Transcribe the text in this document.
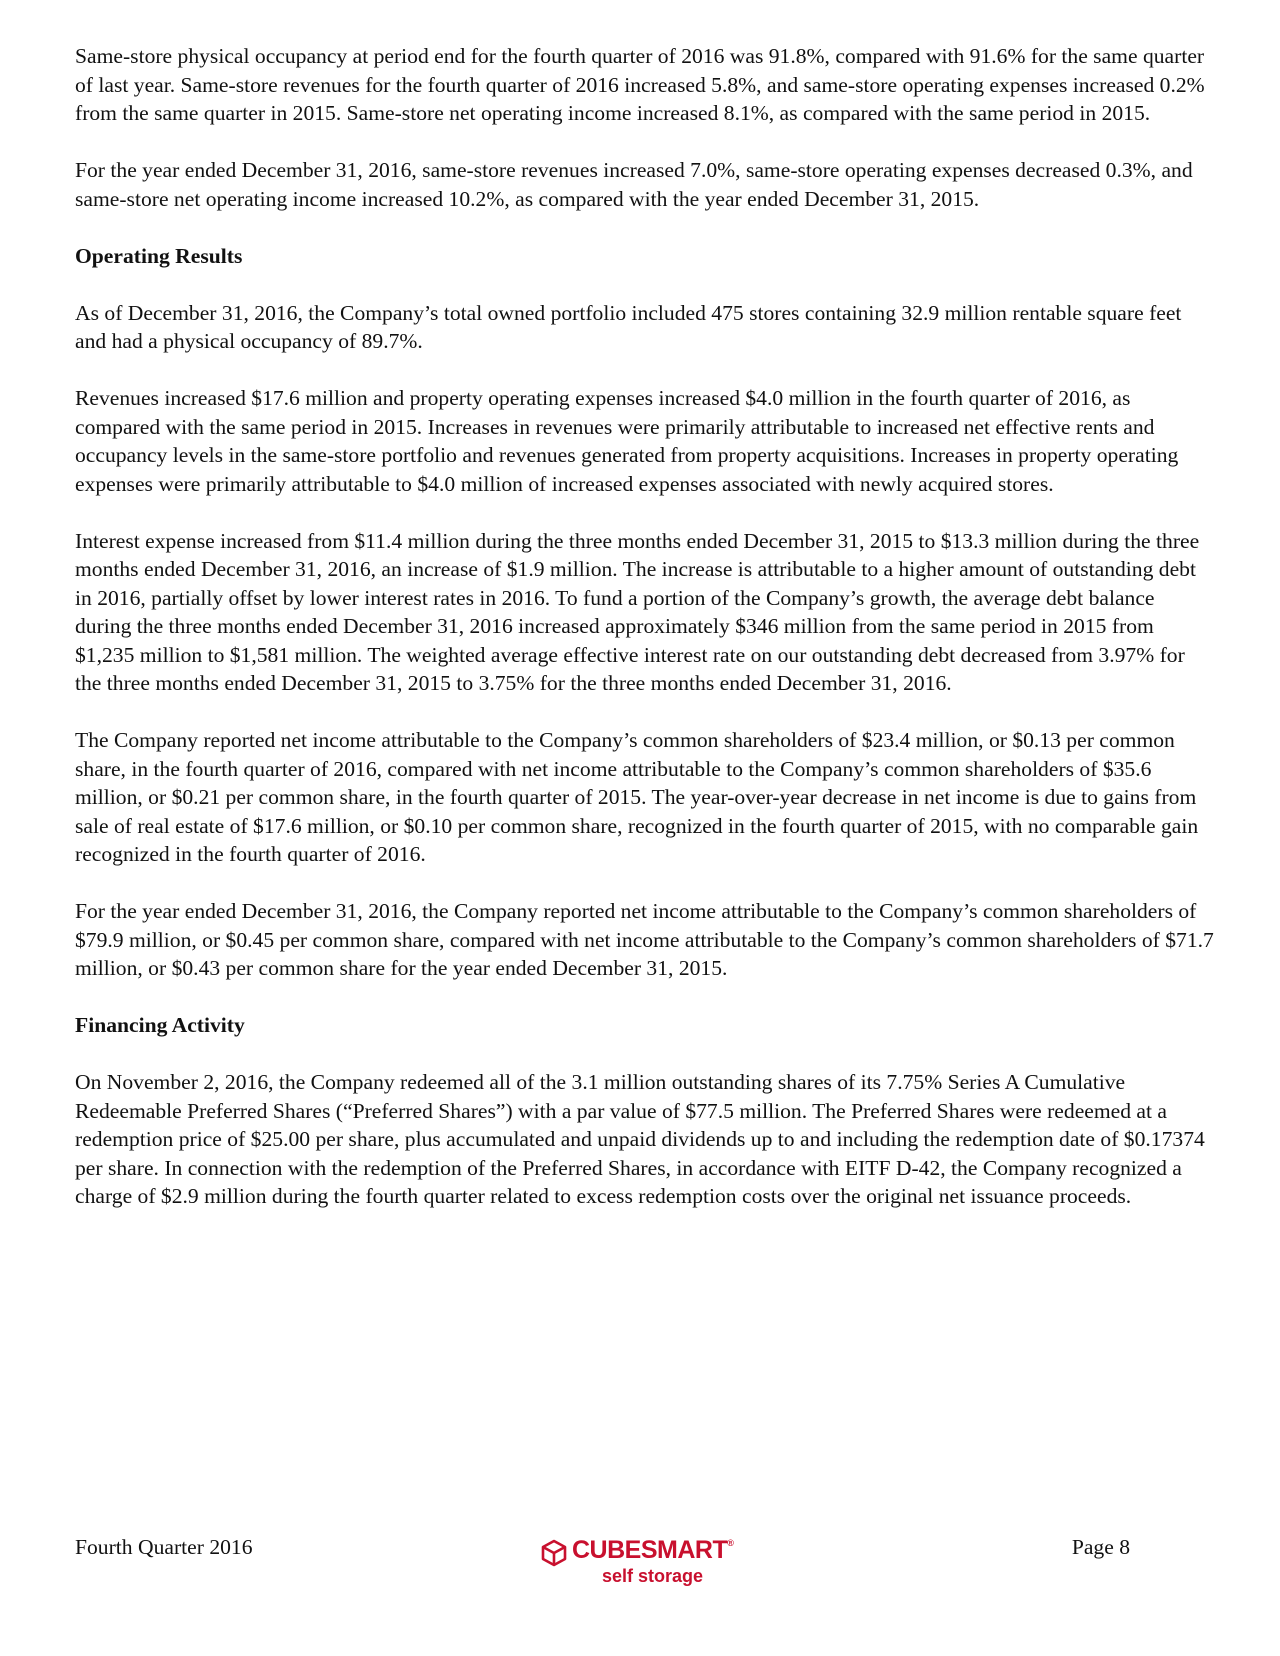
Same-store physical occupancy at period end for the fourth quarter of 2016 was 91.8%, compared with 91.6% for the same quarter of last year. Same-store revenues for the fourth quarter of 2016 increased 5.8%, and same-store operating expenses increased 0.2% from the same quarter in 2015. Same-store net operating income increased 8.1%, as compared with the same period in 2015.

For the year ended December 31, 2016, same-store revenues increased 7.0%, same-store operating expenses decreased 0.3%, and same-store net operating income increased 10.2%, as compared with the year ended December 31, 2015.

Operating Results

As of December 31, 2016, the Company’s total owned portfolio included 475 stores containing 32.9 million rentable square feet and had a physical occupancy of 89.7%.

Revenues increased $17.6 million and property operating expenses increased $4.0 million in the fourth quarter of 2016, as compared with the same period in 2015. Increases in revenues were primarily attributable to increased net effective rents and occupancy levels in the same-store portfolio and revenues generated from property acquisitions. Increases in property operating expenses were primarily attributable to $4.0 million of increased expenses associated with newly acquired stores.

Interest expense increased from $11.4 million during the three months ended December 31, 2015 to $13.3 million during the three months ended December 31, 2016, an increase of $1.9 million. The increase is attributable to a higher amount of outstanding debt in 2016, partially offset by lower interest rates in 2016. To fund a portion of the Company’s growth, the average debt balance during the three months ended December 31, 2016 increased approximately $346 million from the same period in 2015 from $1,235 million to $1,581 million. The weighted average effective interest rate on our outstanding debt decreased from 3.97% for the three months ended December 31, 2015 to 3.75% for the three months ended December 31, 2016.

The Company reported net income attributable to the Company’s common shareholders of $23.4 million, or $0.13 per common share, in the fourth quarter of 2016, compared with net income attributable to the Company’s common shareholders of $35.6 million, or $0.21 per common share, in the fourth quarter of 2015. The year-over-year decrease in net income is due to gains from sale of real estate of $17.6 million, or $0.10 per common share, recognized in the fourth quarter of 2015, with no comparable gain recognized in the fourth quarter of 2016.

For the year ended December 31, 2016, the Company reported net income attributable to the Company’s common shareholders of $79.9 million, or $0.45 per common share, compared with net income attributable to the Company’s common shareholders of $71.7 million, or $0.43 per common share for the year ended December 31, 2015.

Financing Activity

On November 2, 2016, the Company redeemed all of the 3.1 million outstanding shares of its 7.75% Series A Cumulative Redeemable Preferred Shares (“Preferred Shares”) with a par value of $77.5 million. The Preferred Shares were redeemed at a redemption price of $25.00 per share, plus accumulated and unpaid dividends up to and including the redemption date of $0.17374 per share. In connection with the redemption of the Preferred Shares, in accordance with EITF D-42, the Company recognized a charge of $2.9 million during the fourth quarter related to excess redemption costs over the original net issuance proceeds.

Fourth Quarter 2016	CUBESMART®
self storage
Page 8
